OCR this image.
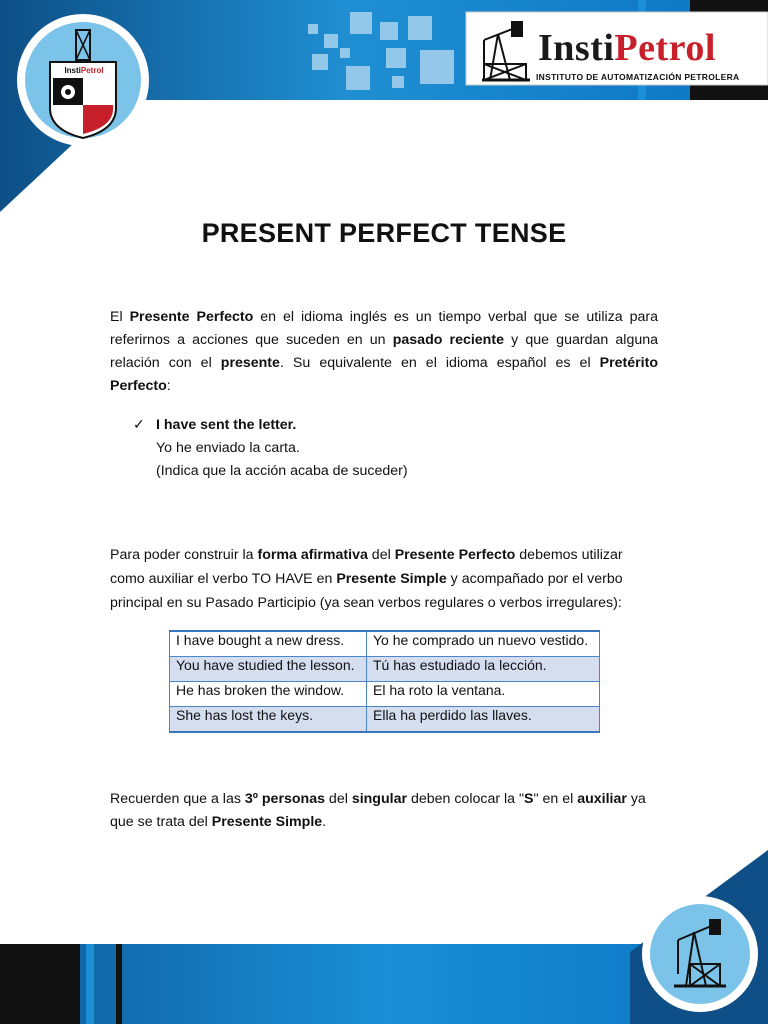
InstiPetrol
INSTITUTO DE AUTOMATIZACIÓN PETROLERA
InstiPetrol
PRESENT PERFECT TENSE

El Presente Perfecto en el idioma inglés es un tiempo verbal que se utiliza para referirnos a acciones que suceden en un pasado reciente y que guardan alguna relación con el presente. Su equivalente en el idioma español es el Pretérito Perfecto:

✓ I have sent the letter.
Yo he enviado la carta.
(Indica que la acción acaba de suceder)

Para poder construir la forma afirmativa del Presente Perfecto debemos utilizar como auxiliar el verbo TO HAVE en Presente Simple y acompañado por el verbo principal en su Pasado Participio (ya sean verbos regulares o verbos irregulares):

I have bought a new dress.	Yo he comprado un nuevo vestido.
You have studied the lesson.	Tú has estudiado la lección.
He has broken the window.	El ha roto la ventana.
She has lost the keys.	Ella ha perdido las llaves.

Recuerden que a las 3º personas del singular deben colocar la "S" en el auxiliar ya que se trata del Presente Simple.
